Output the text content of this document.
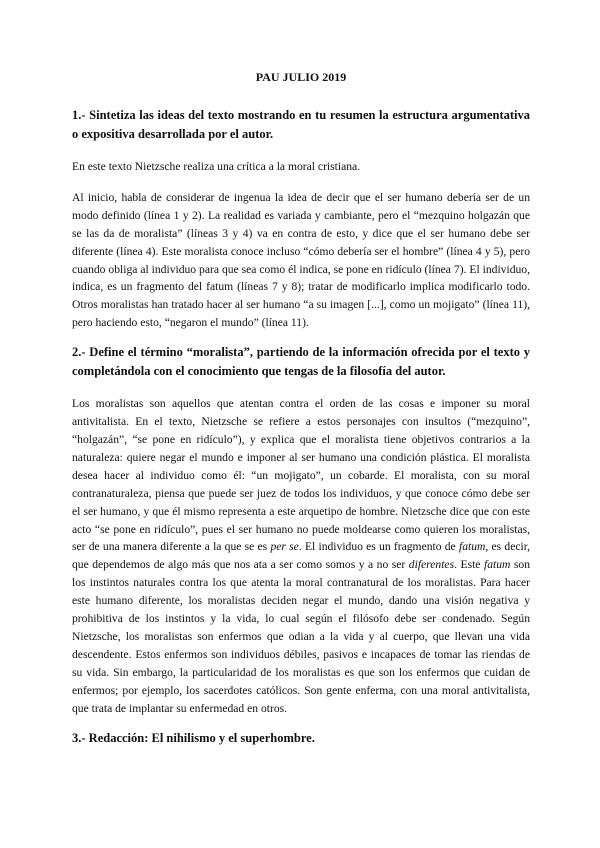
PAU JULIO 2019
1.- Sintetiza las ideas del texto mostrando en tu resumen la estructura argumentativa o expositiva desarrollada por el autor.
En este texto Nietzsche realiza una crítica a la moral cristiana.
Al inicio, habla de considerar de ingenua la idea de decir que el ser humano debería ser de un modo definido (línea 1 y 2). La realidad es variada y cambiante, pero el “mezquino holgazán que se las da de moralista” (líneas 3 y 4) va en contra de esto, y dice que el ser humano debe ser diferente (línea 4). Este moralista conoce incluso “cómo debería ser el hombre” (línea 4 y 5), pero cuando obliga al individuo para que sea como él indica, se pone en ridículo (línea 7). El individuo, indica, es un fragmento del fatum (líneas 7 y 8); tratar de modificarlo implica modificarlo todo. Otros moralistas han tratado hacer al ser humano “a su imagen [...], como un mojigato” (línea 11), pero haciendo esto, “negaron el mundo” (línea 11).
2.- Define el término “moralista”, partiendo de la información ofrecida por el texto y completándola con el conocimiento que tengas de la filosofía del autor.
Los moralistas son aquellos que atentan contra el orden de las cosas e imponer su moral antivitalista. En el texto, Nietzsche se refiere a estos personajes con insultos (“mezquino”, “holgazán”, “se pone en ridículo”), y explica que el moralista tiene objetivos contrarios a la naturaleza: quiere negar el mundo e imponer al ser humano una condición plástica. El moralista desea hacer al individuo como él: “un mojigato”, un cobarde. El moralista, con su moral contranaturaleza, piensa que puede ser juez de todos los individuos, y que conoce cómo debe ser el ser humano, y que él mismo representa a este arquetipo de hombre. Nietzsche dice que con este acto “se pone en ridículo”, pues el ser humano no puede moldearse como quieren los moralistas, ser de una manera diferente a la que se es per se. El individuo es un fragmento de fatum, es decir, que dependemos de algo más que nos ata a ser como somos y a no ser diferentes. Este fatum son los instintos naturales contra los que atenta la moral contranatural de los moralistas. Para hacer este humano diferente, los moralistas deciden negar el mundo, dando una visión negativa y prohibitiva de los instintos y la vida, lo cual según el filósofo debe ser condenado. Según Nietzsche, los moralistas son enfermos que odian a la vida y al cuerpo, que llevan una vida descendente. Estos enfermos son individuos débiles, pasivos e incapaces de tomar las riendas de su vida. Sin embargo, la particularidad de los moralistas es que son los enfermos que cuidan de enfermos; por ejemplo, los sacerdotes católicos. Son gente enferma, con una moral antivitalista, que trata de implantar su enfermedad en otros.
3.- Redacción: El nihilismo y el superhombre.
